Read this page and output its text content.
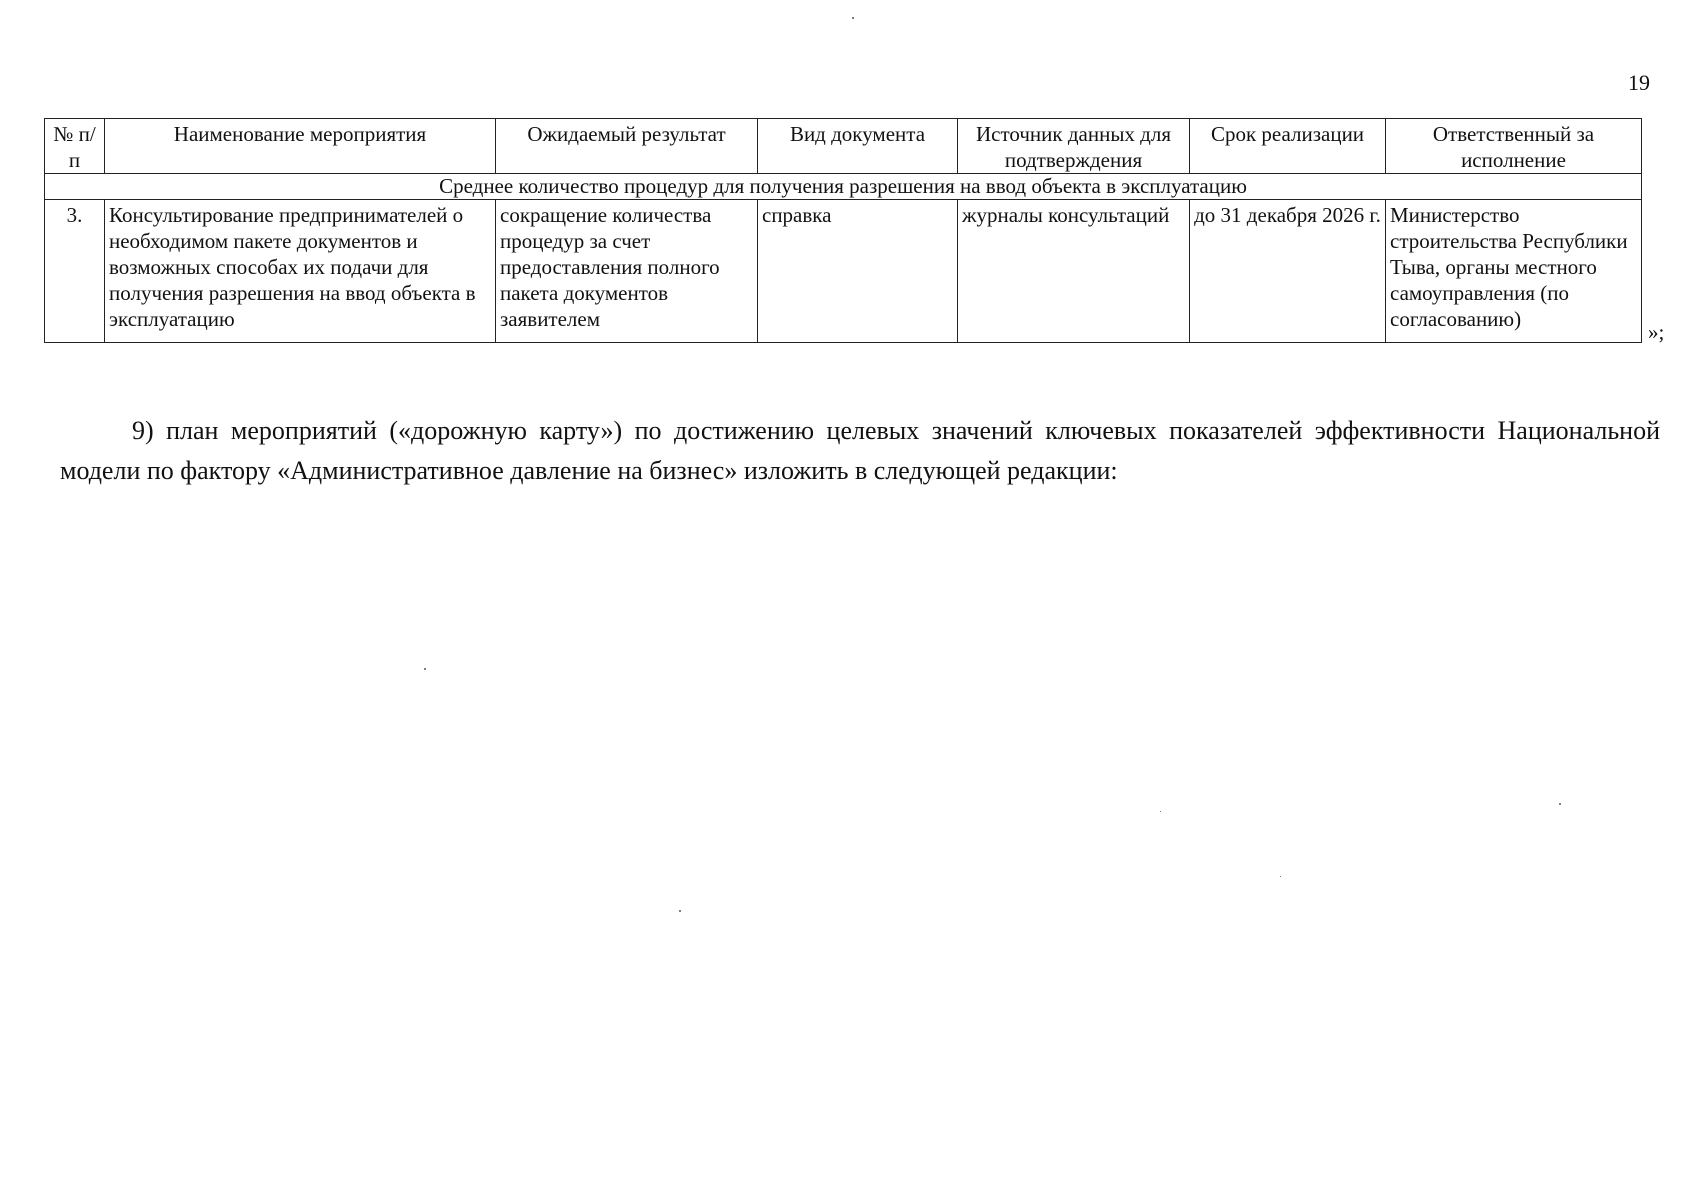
19
№ п/п	Наименование мероприятия	Ожидаемый результат	Вид документа	Источник данных для подтверждения	Срок реализации	Ответственный за исполнение
Среднее количество процедур для получения разрешения на ввод объекта в эксплуатацию						
3.	Консультирование предпринимателей о необходимом пакете документов и возможных способах их подачи для получения разрешения на ввод объекта в эксплуатацию	сокращение количества процедур за счет предоставления полного пакета документов заявителем	справка	журналы консультаций	до 31 декабря 2026 г.	Министерство строительства Республики Тыва, органы местного самоуправления (по согласованию)
»;

9) план мероприятий («дорожную карту») по достижению целевых значений ключевых показателей эффективности Национальной модели по фактору «Административное давление на бизнес» изложить в следующей редакции:
